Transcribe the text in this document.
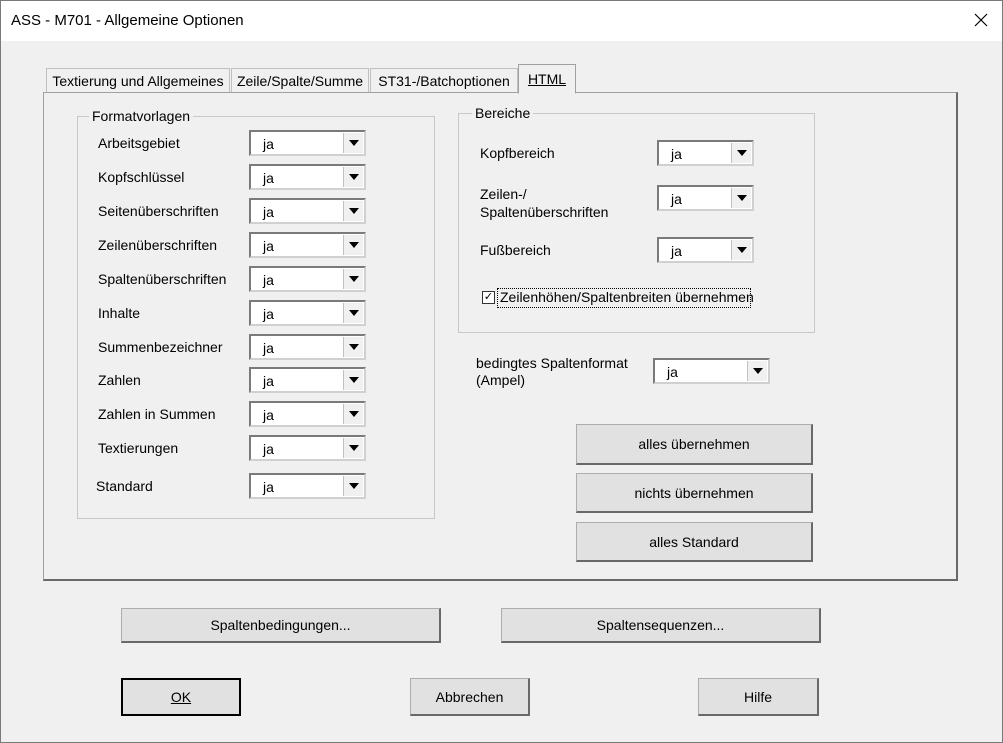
ASS - M701 - Allgemeine Optionen
Textierung und Allgemeines Zeile/Spalte/Summe ST31-/Batchoptionen HTML
Formatvorlagen
Arbeitsgebiet	ja
Kopfschlüssel	ja
Seitenüberschriften	ja
Zeilenüberschriften	ja
Spaltenüberschriften	ja
Inhalte	ja
Summenbezeichner	ja
Zahlen	ja
Zahlen in Summen	ja
Textierungen	ja
Standard	ja
Bereiche
Kopfbereich	ja
Zeilen-/
Spaltenüberschriften
ja
Fußbereich	ja
✓ Zeilenhöhen/Spaltenbreiten übernehmen
bedingtes Spaltenformat
(Ampel)	ja
alles übernehmen
nichts übernehmen
alles Standard
Spaltenbedingungen...	Spaltensequenzen...
OK	Abbrechen	Hilfe
